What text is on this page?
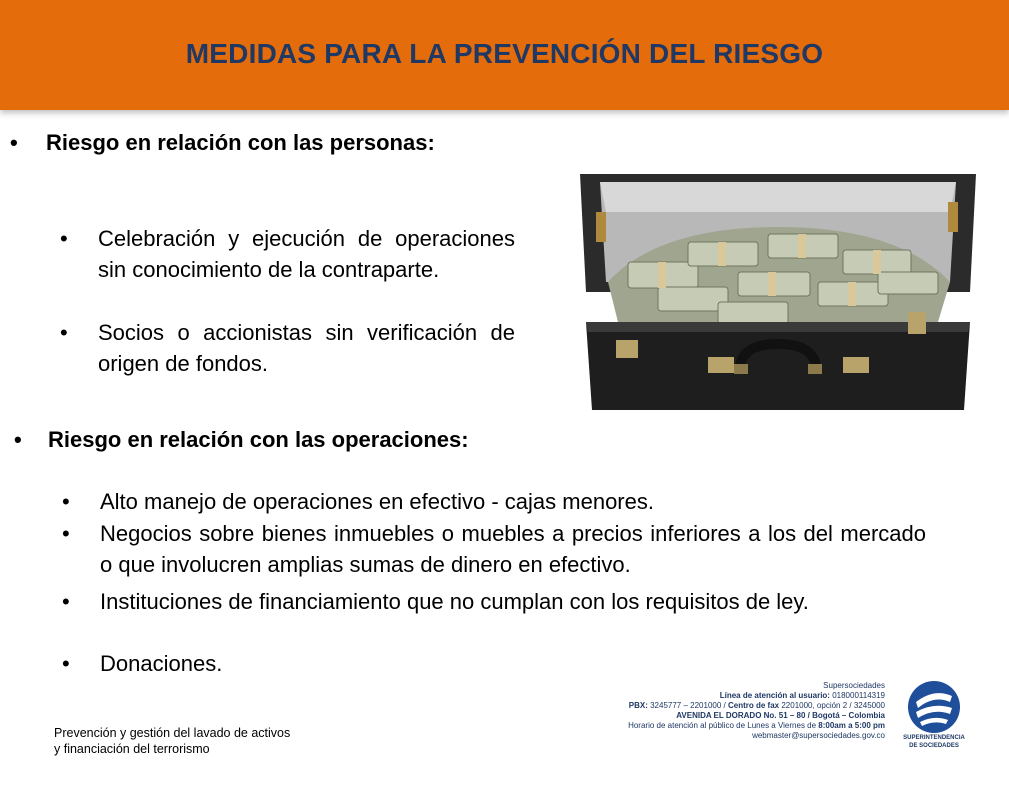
MEDIDAS PARA LA PREVENCIÓN DEL RIESGO
•	Riesgo en relación con las personas:
•	Celebración y ejecución de operaciones sin conocimiento de la contraparte.
•	Socios o accionistas sin verificación de origen de fondos.
•	Riesgo en relación con las operaciones:
•	Alto manejo de operaciones en efectivo - cajas menores.
•	Negocios sobre bienes inmuebles o muebles a precios inferiores a los del mercado o que involucren amplias sumas de dinero en efectivo.
•	Instituciones de financiamiento que no cumplan con los requisitos de ley.
•	Donaciones.
Prevención y gestión del lavado de activos
y financiación del terrorismo
Supersociedades
Línea de atención al usuario: 018000114319
PBX: 3245777 – 2201000 / Centro de fax 2201000, opción 2 / 3245000
AVENIDA EL DORADO No. 51 – 80 / Bogotá – Colombia
Horario de atención al público de Lunes a Viernes de 8:00am a 5:00 pm
webmaster@supersociedades.gov.co	SUPERINTENDENCIA
DE SOCIEDADES
